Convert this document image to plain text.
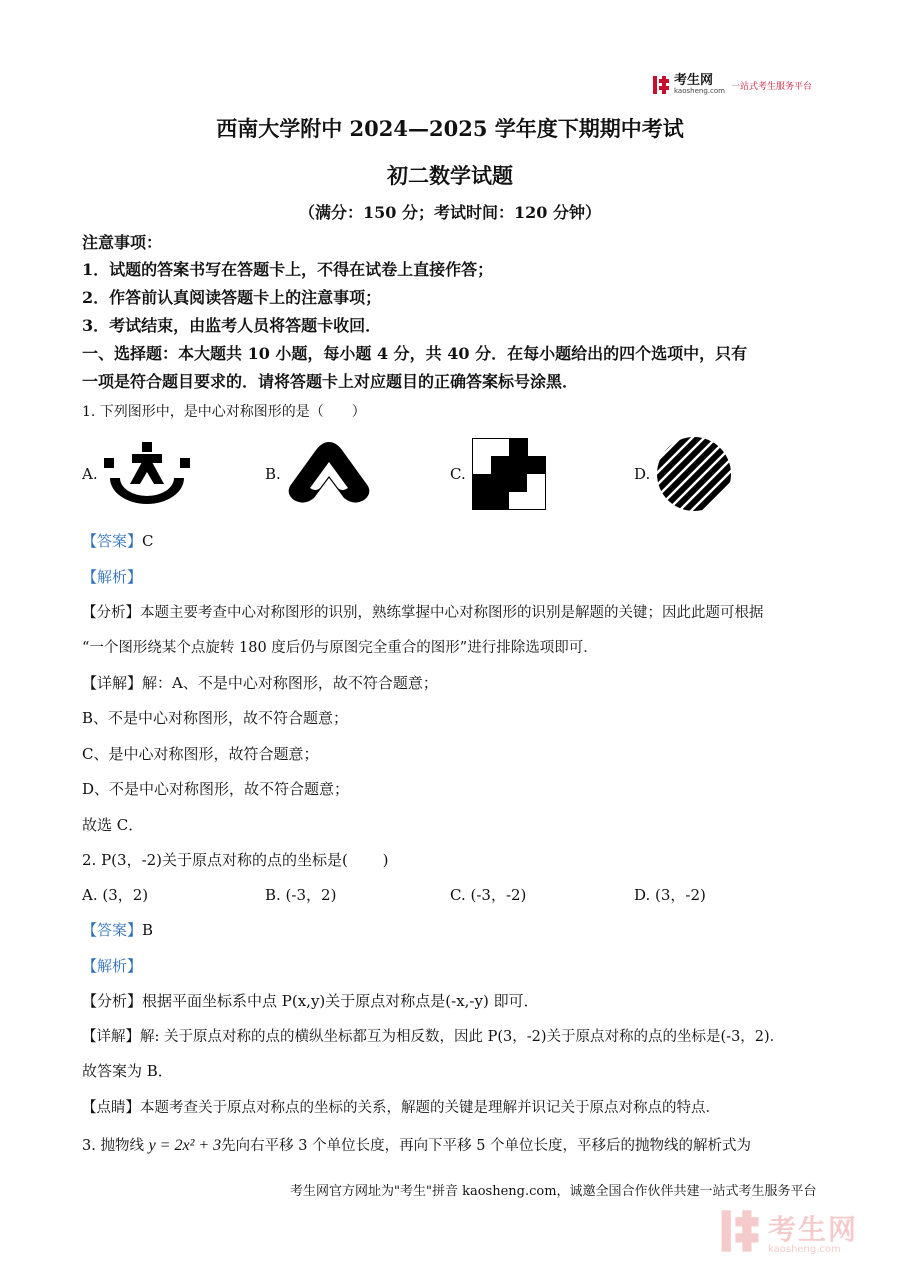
考生网
kaosheng.com 一站式考生服务平台
西南大学附中 2024—2025 学年度下期期中考试
初二数学试题
（满分：150 分；考试时间：120 分钟）
注意事项：
1．试题的答案书写在答题卡上，不得在试卷上直接作答；
2．作答前认真阅读答题卡上的注意事项；
3．考试结束，由监考人员将答题卡收回．
一、选择题：本大题共 10 小题，每小题 4 分，共 40 分．在每小题给出的四个选项中，只有
一项是符合题目要求的．请将答题卡上对应题目的正确答案标号涂黑．
1. 下列图形中，是中心对称图形的是（　　）
A.	B.	C.	D.
【答案】C
【解析】
【分析】本题主要考查中心对称图形的识别，熟练掌握中心对称图形的识别是解题的关键；因此此题可根据
“一个图形绕某个点旋转 180 度后仍与原图完全重合的图形”进行排除选项即可．
【详解】解：A、不是中心对称图形，故不符合题意；
B、不是中心对称图形，故不符合题意；
C、是中心对称图形，故符合题意；
D、不是中心对称图形，故不符合题意；
故选 C．
2. P(3，-2)关于原点对称的点的坐标是(　　 )
A. (3，2)	B. (-3，2)	C. (-3，-2)	D. (3，-2)
【答案】B
【解析】
【分析】根据平面坐标系中点 P(x,y)关于原点对称点是(-x,-y) 即可．
【详解】解: 关于原点对称的点的横纵坐标都互为相反数，因此 P(3，-2)关于原点对称的点的坐标是(-3，2)．
故答案为 B．
【点睛】本题考查关于原点对称点的坐标的关系，解题的关键是理解并识记关于原点对称点的特点．
3. 抛物线 y = 2x² + 3先向右平移 3 个单位长度，再向下平移 5 个单位长度，平移后的抛物线的解析式为
考生网官方网址为"考生"拼音 kaosheng.com，诚邀全国合作伙伴共建一站式考生服务平台
考生网
kaosheng.com
